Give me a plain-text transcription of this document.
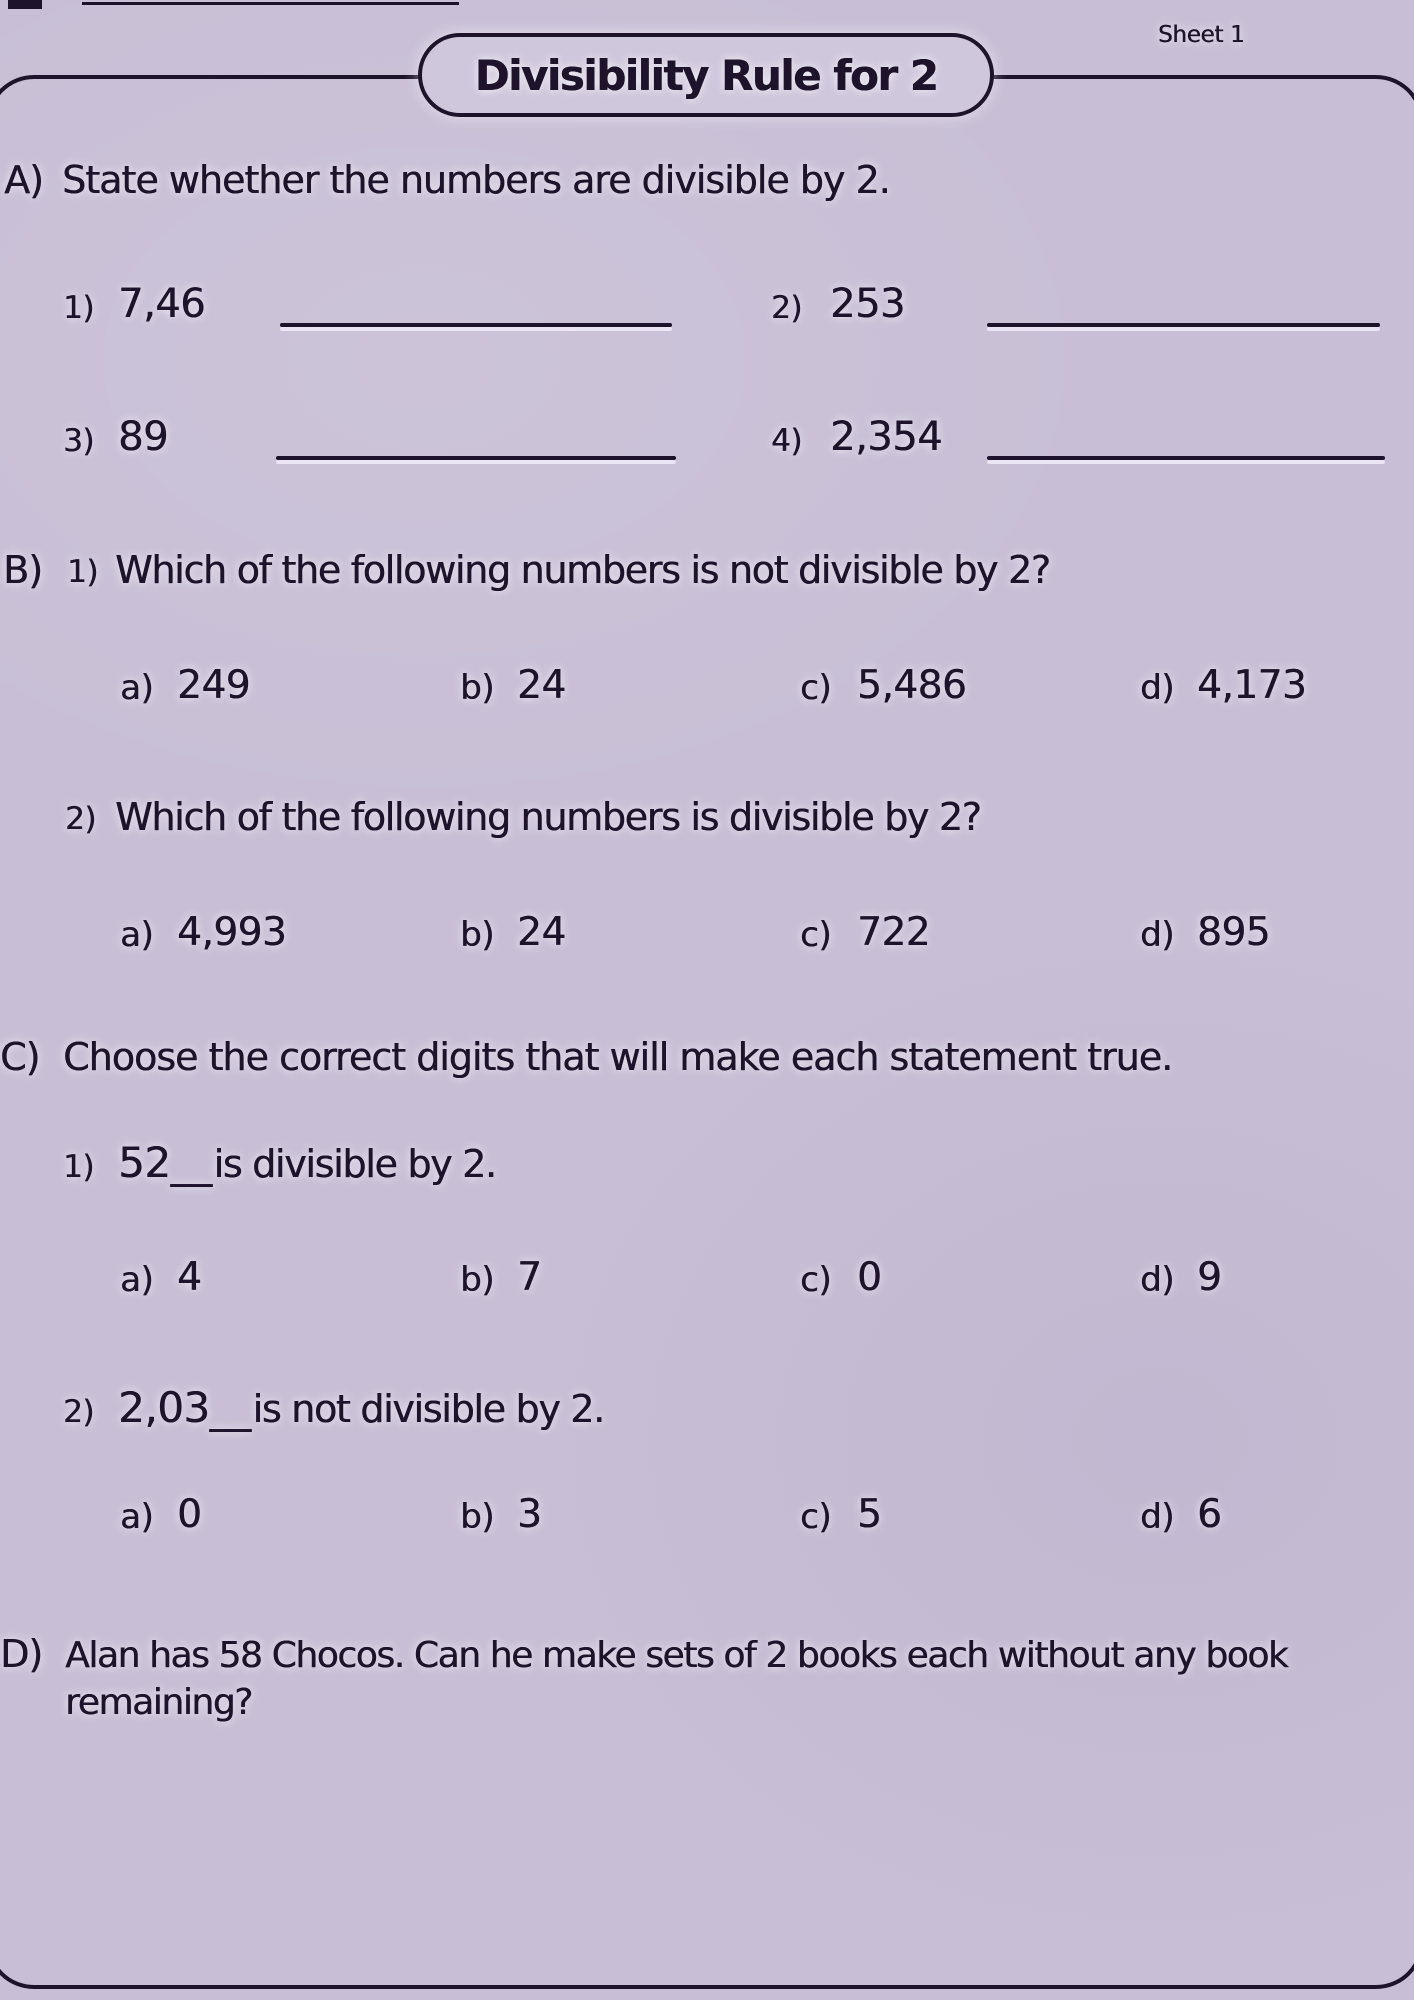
Divisibility Rule for 2
Sheet 1
A) State whether the numbers are divisible by 2.
1) 7,46	2) 253
3) 89	4) 2,354
B) 1) Which of the following numbers is not divisible by 2?
a) 249	b) 24	c) 5,486	d) 4,173
2) Which of the following numbers is divisible by 2?
a) 4,993	b) 24	c) 722	d) 895
C) Choose the correct digits that will make each statement true.
1) 52__ is divisible by 2.
a) 4	b) 7	c) 0	d) 9
2) 2,03__ is not divisible by 2.
a) 0	b) 3	c) 5	d) 6
D) Alan has 58 Chocos. Can he make sets of 2 books each without any book remaining?
